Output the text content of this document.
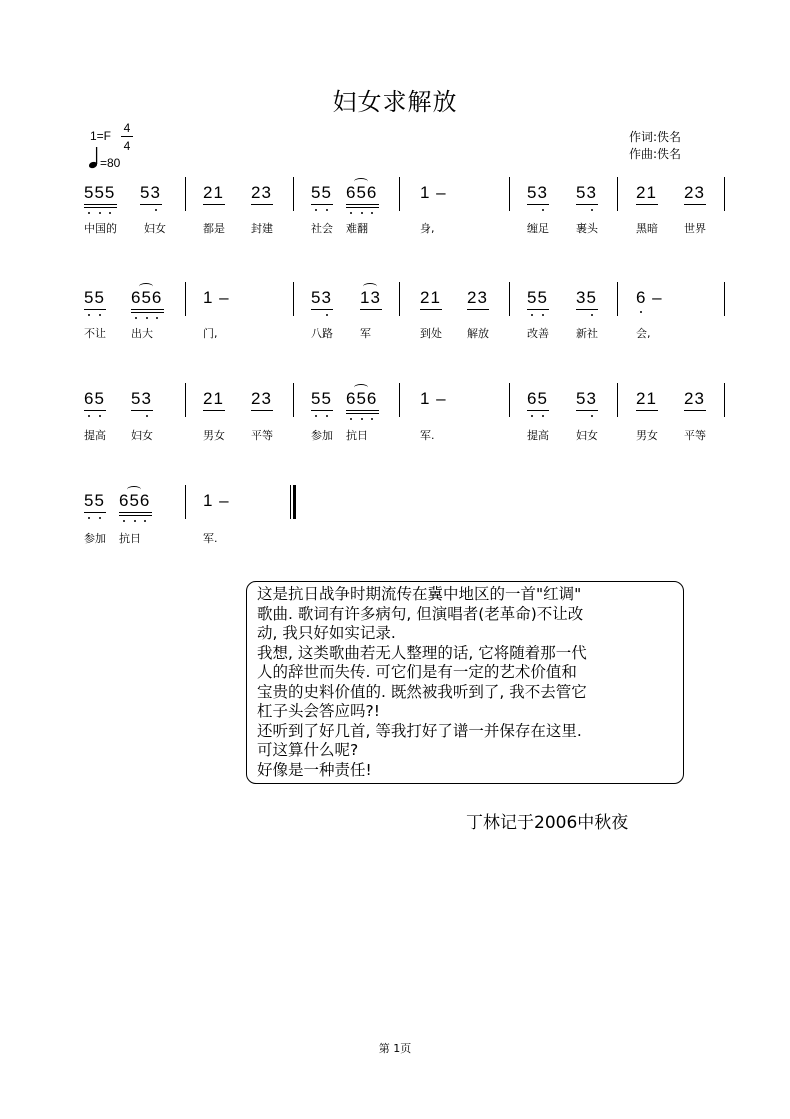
妇女求解放
1=F
4
4
=80
作词:佚名
作曲:佚名
555 53 21 23 55 656	1 –	53 53 21 23
中国的 妇女	都是 封建	社会 难翻	身,	缠足 裹头	黑暗 世界
55 656 1 –	53 13 21 23 55 35 6 –
不让 出大	门,	八路 军	到处 解放	改善 新社	会,
65 53	21 23 55 656	1 –	65 53 21 23
提高 妇女	男女 平等	参加 抗日	军.	提高 妇女	男女 平等
55 656	1 –
参加 抗日	军.
这是抗日战争时期流传在冀中地区的一首"红调"
歌曲. 歌词有许多病句, 但演唱者(老革命)不让改
动, 我只好如实记录.
我想, 这类歌曲若无人整理的话, 它将随着那一代
人的辞世而失传. 可它们是有一定的艺术价值和
宝贵的史料价值的. 既然被我听到了, 我不去管它
杠子头会答应吗?!
还听到了好几首, 等我打好了谱一并保存在这里.
可这算什么呢?
好像是一种责任!
丁林记于2006中秋夜
第 1页
